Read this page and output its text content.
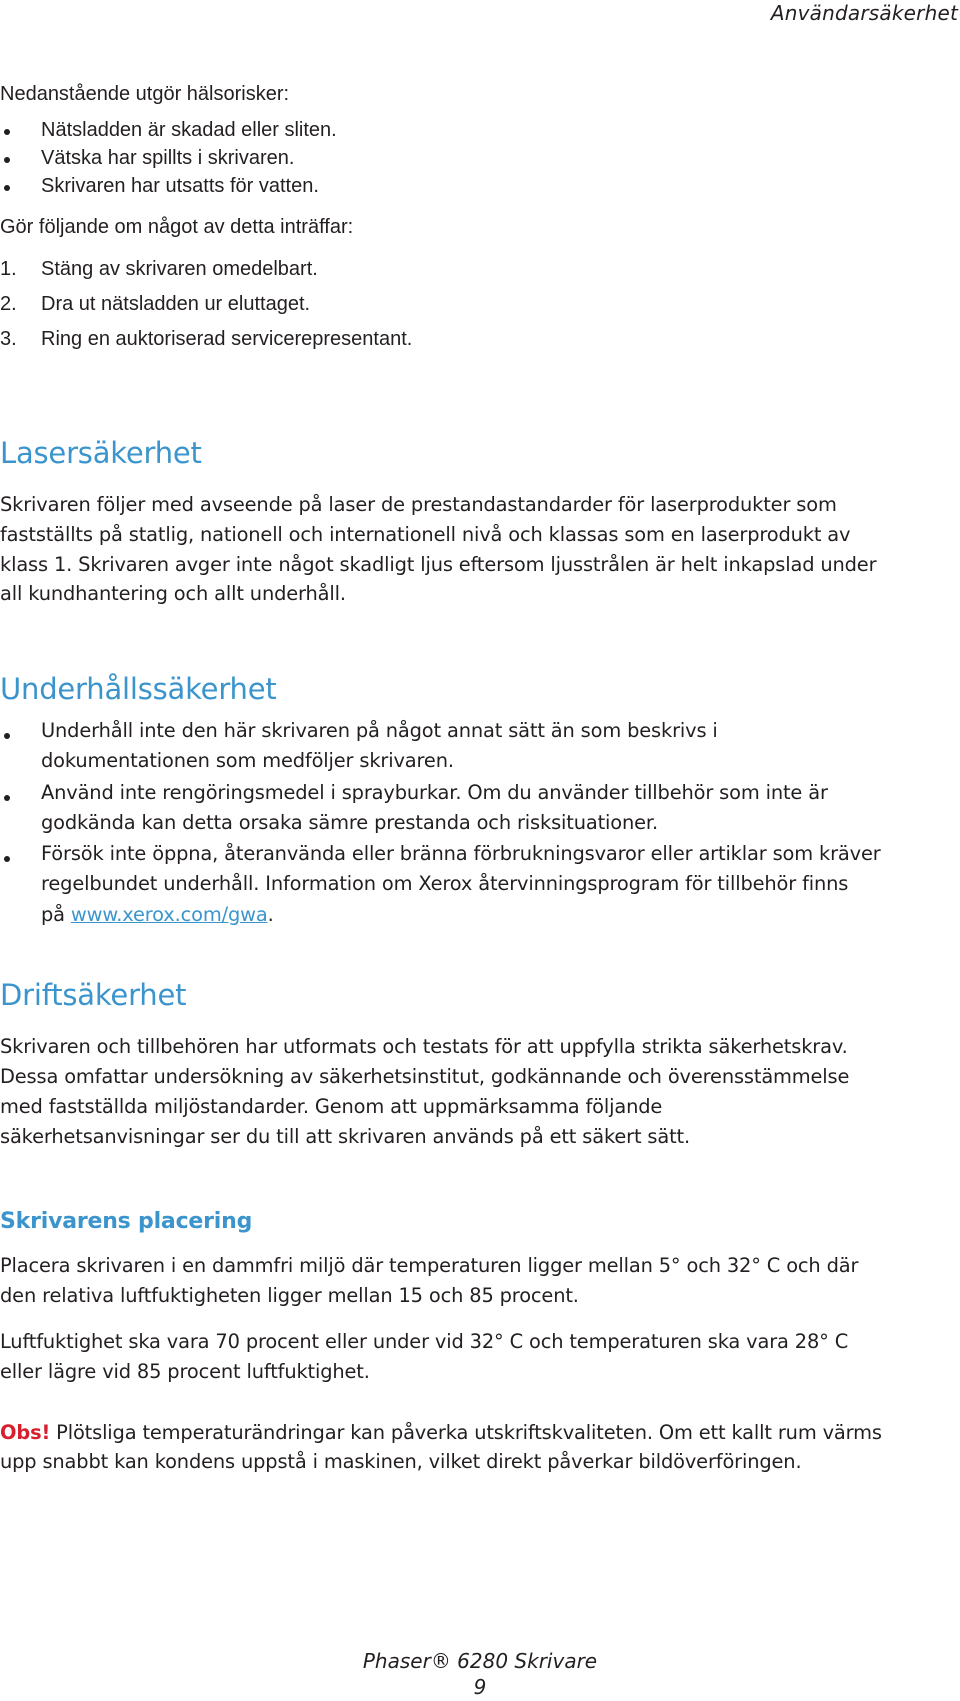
Användarsäkerhet
Nedanstående utgör hälsorisker:
Nätsladden är skadad eller sliten.
Vätska har spillts i skrivaren.
Skrivaren har utsatts för vatten.
Gör följande om något av detta inträffar:
1.	Stäng av skrivaren omedelbart.
2.	Dra ut nätsladden ur eluttaget.
3.	Ring en auktoriserad servicerepresentant.
Lasersäkerhet
Skrivaren följer med avseende på laser de prestandastandarder för laserprodukter som
fastställts på statlig, nationell och internationell nivå och klassas som en laserprodukt av
klass 1. Skrivaren avger inte något skadligt ljus eftersom ljusstrålen är helt inkapslad under
all kundhantering och allt underhåll.
Underhållssäkerhet
Underhåll inte den här skrivaren på något annat sätt än som beskrivs i
dokumentationen som medföljer skrivaren.
Använd inte rengöringsmedel i sprayburkar. Om du använder tillbehör som inte är
godkända kan detta orsaka sämre prestanda och risksituationer.
Försök inte öppna, återanvända eller bränna förbrukningsvaror eller artiklar som kräver
regelbundet underhåll. Information om Xerox återvinningsprogram för tillbehör finns
på www.xerox.com/gwa.
Driftsäkerhet
Skrivaren och tillbehören har utformats och testats för att uppfylla strikta säkerhetskrav.
Dessa omfattar undersökning av säkerhetsinstitut, godkännande och överensstämmelse
med fastställda miljöstandarder. Genom att uppmärksamma följande
säkerhetsanvisningar ser du till att skrivaren används på ett säkert sätt.
Skrivarens placering
Placera skrivaren i en dammfri miljö där temperaturen ligger mellan 5° och 32° C och där
den relativa luftfuktigheten ligger mellan 15 och 85 procent.
Luftfuktighet ska vara 70 procent eller under vid 32° C och temperaturen ska vara 28° C
eller lägre vid 85 procent luftfuktighet.
Obs! Plötsliga temperaturändringar kan påverka utskriftskvaliteten. Om ett kallt rum värms
upp snabbt kan kondens uppstå i maskinen, vilket direkt påverkar bildöverföringen.
Phaser® 6280 Skrivare
9
